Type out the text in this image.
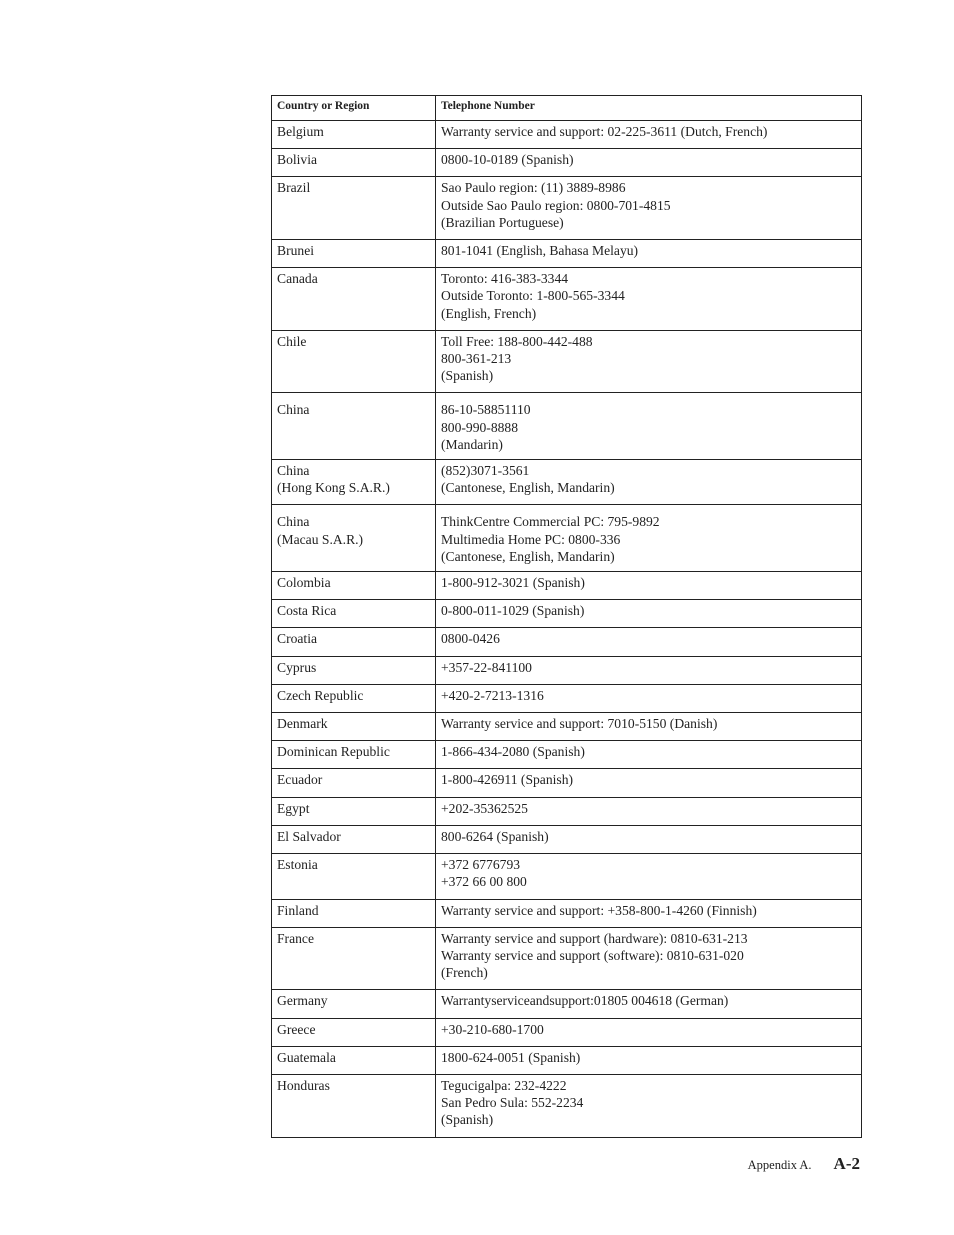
Country or Region	Telephone Number

Belgium	Warranty service and support: 02-225-3611 (Dutch, French)

Bolivia	0800-10-0189 (Spanish)

Brazil	Sao Paulo region: (11) 3889-8986
Outside Sao Paulo region: 0800-701-4815
(Brazilian Portuguese)

Brunei	801-1041 (English, Bahasa Melayu)

Canada	Toronto: 416-383-3344
Outside Toronto: 1-800-565-3344
(English, French)

Chile	Toll Free: 188-800-442-488
800-361-213
(Spanish)

China	86-10-58851110
800-990-8888
(Mandarin)

China
(Hong Kong S.A.R.)	(852)3071-3561
(Cantonese, English, Mandarin)

China
(Macau S.A.R.)	ThinkCentre Commercial PC: 795-9892
Multimedia Home PC: 0800-336
(Cantonese, English, Mandarin)

Colombia	1-800-912-3021 (Spanish)

Costa Rica	0-800-011-1029 (Spanish)

Croatia	0800-0426

Cyprus	+357-22-841100

Czech Republic	+420-2-7213-1316

Denmark	Warranty service and support: 7010-5150 (Danish)

Dominican Republic	1-866-434-2080 (Spanish)

Ecuador	1-800-426911 (Spanish)

Egypt	+202-35362525

El Salvador	800-6264 (Spanish)

Estonia	+372 6776793
+372 66 00 800

Finland	Warranty service and support: +358-800-1-4260 (Finnish)

France	Warranty service and support (hardware): 0810-631-213
Warranty service and support (software): 0810-631-020
(French)

Germany	Warrantyserviceandsupport:01805 004618 (German)

Greece	+30-210-680-1700

Guatemala	1800-624-0051 (Spanish)

Honduras	Tegucigalpa: 232-4222
San Pedro Sula: 552-2234
(Spanish)
Appendix A. A-2
